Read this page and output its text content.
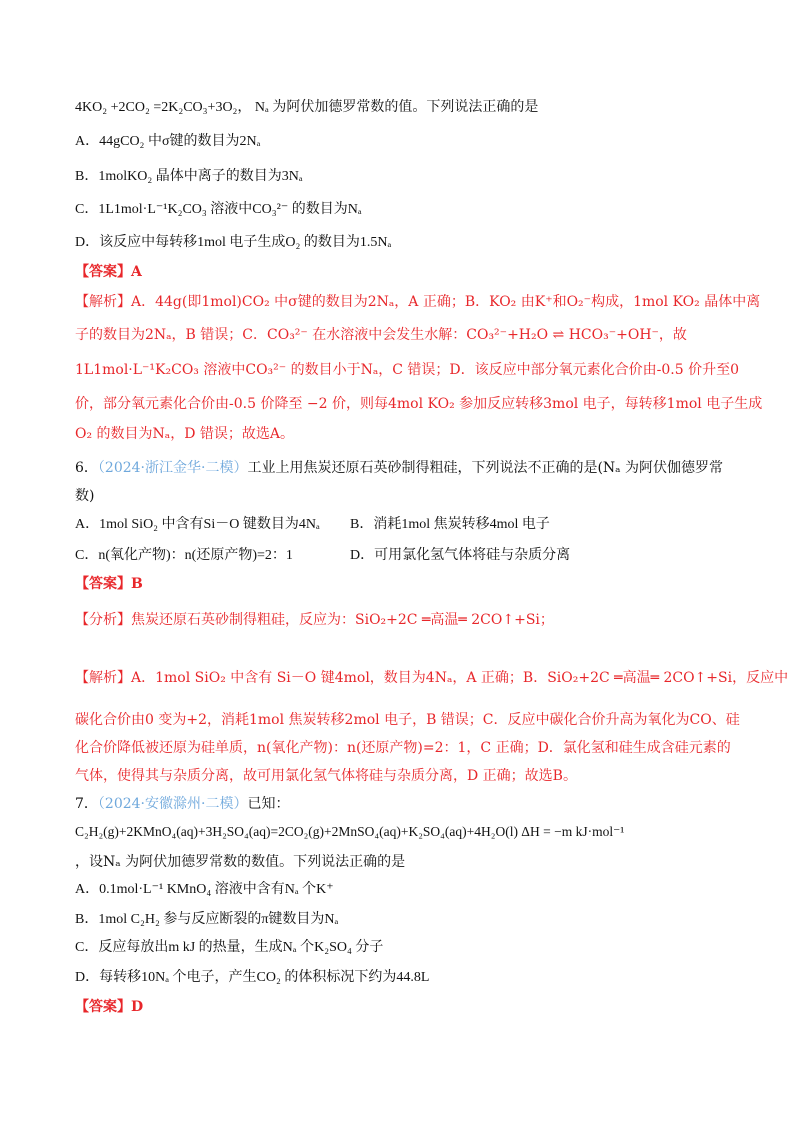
4KO₂ +2CO₂ =2K₂CO₃+3O₂， Nₐ 为阿伏加德罗常数的值。下列说法正确的是
A．44gCO₂ 中σ键的数目为2Nₐ
B．1molKO₂ 晶体中离子的数目为3Nₐ
C．1L1mol·L⁻¹K₂CO₃ 溶液中CO₃²⁻ 的数目为Nₐ
D．该反应中每转移1mol 电子生成O₂ 的数目为1.5Nₐ
【答案】A
【解析】A．44g(即1mol)CO₂ 中σ键的数目为2Nₐ，A 正确；B．KO₂ 由K⁺和O₂⁻构成，1mol KO₂ 晶体中离
子的数目为2Nₐ，B 错误；C．CO₃²⁻ 在水溶液中会发生水解：CO₃²⁻+H₂O ⇌ HCO₃⁻+OH⁻，故
1L1mol·L⁻¹K₂CO₃ 溶液中CO₃²⁻ 的数目小于Nₐ，C 错误；D．该反应中部分氧元素化合价由-0.5 价升至0
价，部分氧元素化合价由-0.5 价降至 −2 价，则每4mol KO₂ 参加反应转移3mol 电子，每转移1mol 电子生成
O₂ 的数目为Nₐ，D 错误；故选A。
6．（2024·浙江金华·二模）工业上用焦炭还原石英砂制得粗硅，下列说法不正确的是(Nₐ 为阿伏伽德罗常
数)
A．1mol SiO₂ 中含有Si－O 键数目为4Nₐ B．消耗1mol 焦炭转移4mol 电子
C．n(氧化产物)：n(还原产物)=2：1	D．可用氯化氢气体将硅与杂质分离
【答案】B
【分析】焦炭还原石英砂制得粗硅，反应为：SiO₂+2C ═高温═ 2CO↑+Si；
【解析】A．1mol SiO₂ 中含有 Si－O 键4mol，数目为4Nₐ，A 正确；B．SiO₂+2C ═高温═ 2CO↑+Si，反应中
碳化合价由0 变为+2，消耗1mol 焦炭转移2mol 电子，B 错误；C．反应中碳化合价升高为氧化为CO、硅
化合价降低被还原为硅单质，n(氧化产物)：n(还原产物)=2：1，C 正确；D．氯化氢和硅生成含硅元素的
气体，使得其与杂质分离，故可用氯化氢气体将硅与杂质分离，D 正确；故选B。
7．（2024·安徽滁州·二模）已知：
C₂H₂(g)+2KMnO₄(aq)+3H₂SO₄(aq)=2CO₂(g)+2MnSO₄(aq)+K₂SO₄(aq)+4H₂O(l) ΔH = −m kJ·mol⁻¹
，设Nₐ 为阿伏加德罗常数的数值。下列说法正确的是
A．0.1mol·L⁻¹ KMnO₄ 溶液中含有Nₐ 个K⁺
B．1mol C₂H₂ 参与反应断裂的π键数目为Nₐ
C．反应每放出m kJ 的热量，生成Nₐ 个K₂SO₄ 分子
D．每转移10Nₐ 个电子，产生CO₂ 的体积标况下约为44.8L
【答案】D
